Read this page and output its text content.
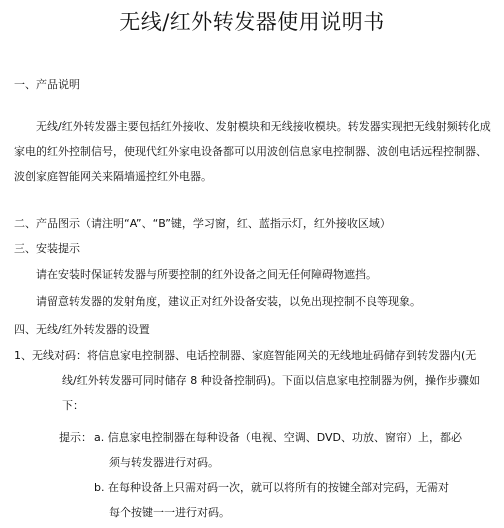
无线/红外转发器使用说明书
一、产品说明
无线/红外转发器主要包括红外接收、发射模块和无线接收模块。转发器实现把无线射频转化成家电的红外控制信号，使现代红外家电设备都可以用波创信息家电控制器、波创电话远程控制器、波创家庭智能网关来隔墙遥控红外电器。
二、产品图示（请注明“A”、“B”键，学习窗，红、蓝指示灯，红外接收区域）
三、安装提示
请在安装时保证转发器与所要控制的红外设备之间无任何障碍物遮挡。
请留意转发器的发射角度，建议正对红外设备安装，以免出现控制不良等现象。
四、无线/红外转发器的设置
1、无线对码：将信息家电控制器、电话控制器、家庭智能网关的无线地址码储存到转发器内(无
线/红外转发器可同时储存 8 种设备控制码)。下面以信息家电控制器为例，操作步骤如下：
提示： a. 信息家电控制器在每种设备（电视、空调、DVD、功放、窗帘）上，都必
须与转发器进行对码。
b. 在每种设备上只需对码一次，就可以将所有的按键全部对完码，无需对
每个按键一一进行对码。
